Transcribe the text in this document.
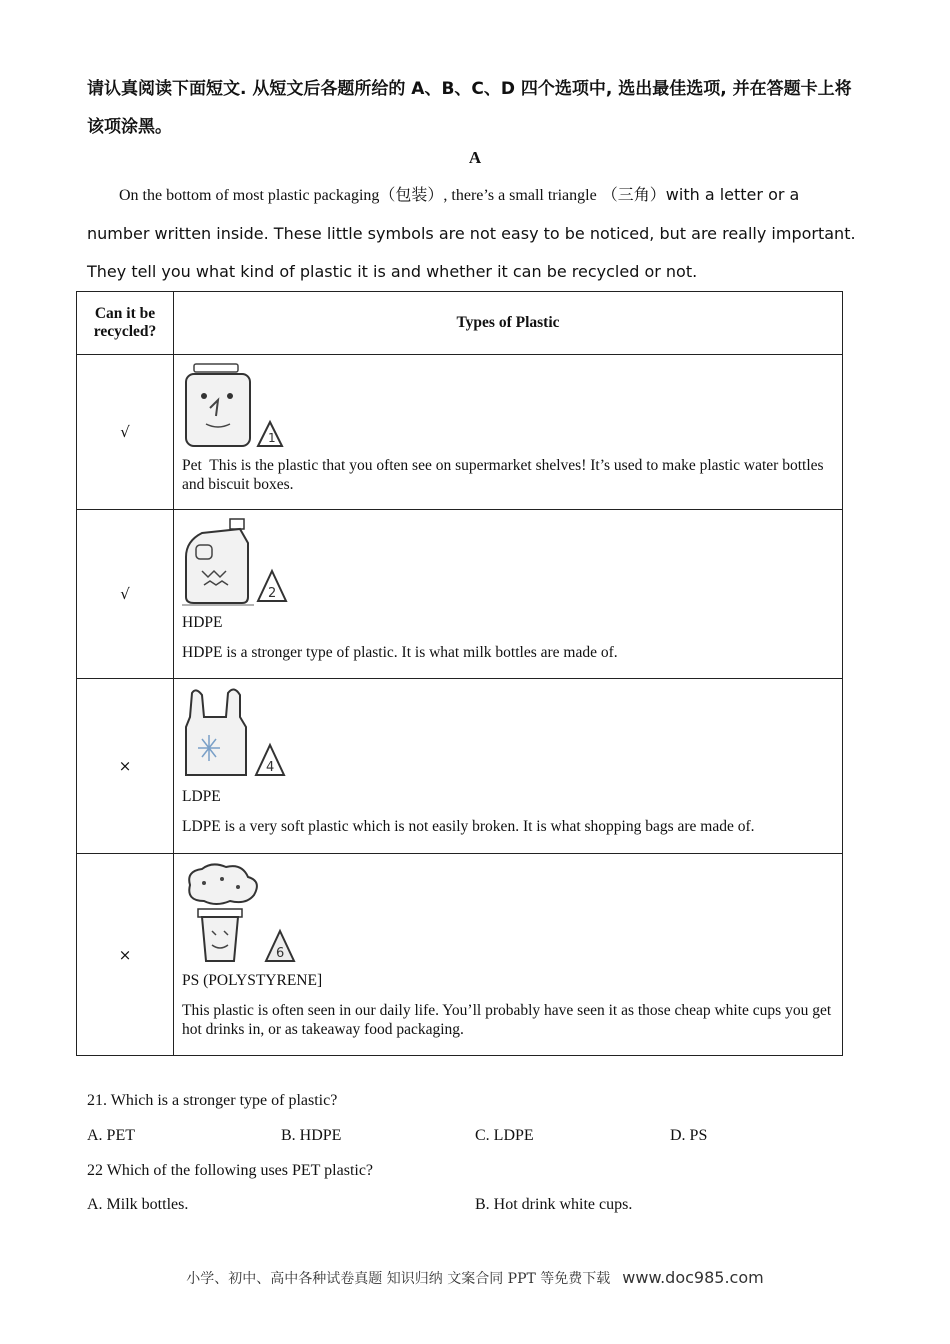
请认真阅读下面短文. 从短文后各题所给的 A、B、C、D 四个选项中, 选出最佳选项, 并在答题卡上将该项涂黑。

A

On the bottom of most plastic packaging（包装）, there’s a small triangle （三角）with a letter or a number written inside. These little symbols are not easy to be noticed, but are really important. They tell you what kind of plastic it is and whether it can be recycled or not.

Can it be recycled?	Types of Plastic
√	1
Pet This is the plastic that you often see on supermarket shelves! It’s used to make plastic water bottles and biscuit boxes.

√	2
HDPE
HDPE is a stronger type of plastic. It is what milk bottles are made of.

×	4
LDPE
LDPE is a very soft plastic which is not easily broken. It is what shopping bags are made of.

×	6
PS (POLYSTYRENE]
This plastic is often seen in our daily life. You’ll probably have seen it as those cheap white cups you get hot drinks in, or as takeaway food packaging.
21. Which is a stronger type of plastic?
A. PET	B. HDPE	C. LDPE	D. PS
22 Which of the following uses PET plastic?
A. Milk bottles.	B. Hot drink white cups.
小学、初中、高中各种试卷真题 知识归纳 文案合同 PPT 等免费下载 www.doc985.com
